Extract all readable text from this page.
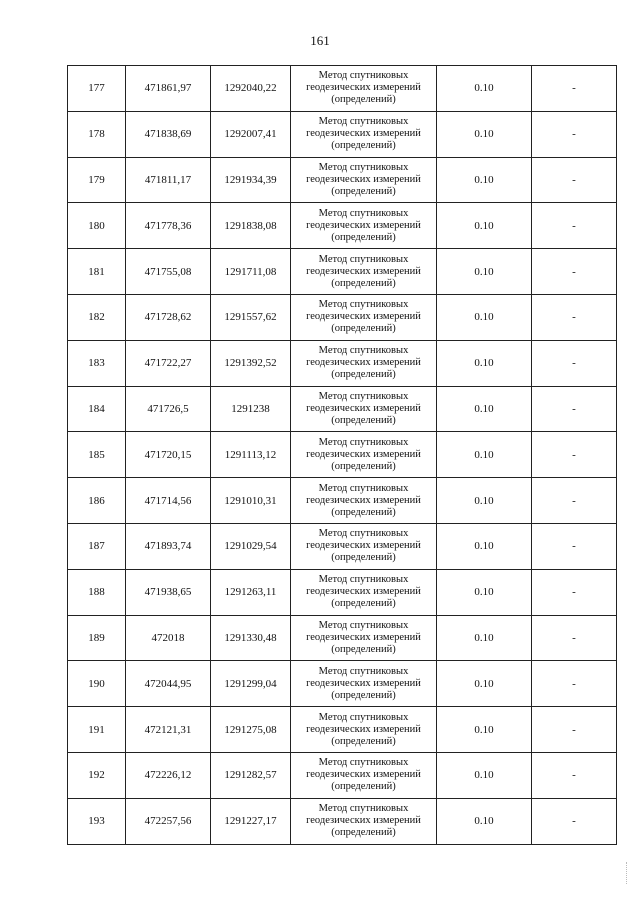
161
177	471861,97	1292040,22	Метод спутниковых
геодезических измерений
(определений)	0.10	-
178	471838,69	1292007,41	Метод спутниковых
геодезических измерений
(определений)	0.10	-
179	471811,17	1291934,39	Метод спутниковых
геодезических измерений
(определений)	0.10	-
180	471778,36	1291838,08	Метод спутниковых
геодезических измерений
(определений)	0.10	-
181	471755,08	1291711,08	Метод спутниковых
геодезических измерений
(определений)	0.10	-
182	471728,62	1291557,62	Метод спутниковых
геодезических измерений
(определений)	0.10	-
183	471722,27	1291392,52	Метод спутниковых
геодезических измерений
(определений)	0.10	-
184	471726,5	1291238	Метод спутниковых
геодезических измерений
(определений)	0.10	-
185	471720,15	1291113,12	Метод спутниковых
геодезических измерений
(определений)	0.10	-
186	471714,56	1291010,31	Метод спутниковых
геодезических измерений
(определений)	0.10	-
187	471893,74	1291029,54	Метод спутниковых
геодезических измерений
(определений)	0.10	-
188	471938,65	1291263,11	Метод спутниковых
геодезических измерений
(определений)	0.10	-
189	472018	1291330,48	Метод спутниковых
геодезических измерений
(определений)	0.10	-
190	472044,95	1291299,04	Метод спутниковых
геодезических измерений
(определений)	0.10	-
191	472121,31	1291275,08	Метод спутниковых
геодезических измерений
(определений)	0.10	-
192	472226,12	1291282,57	Метод спутниковых
геодезических измерений
(определений)	0.10	-
193	472257,56	1291227,17	Метод спутниковых
геодезических измерений
(определений)	0.10	-
